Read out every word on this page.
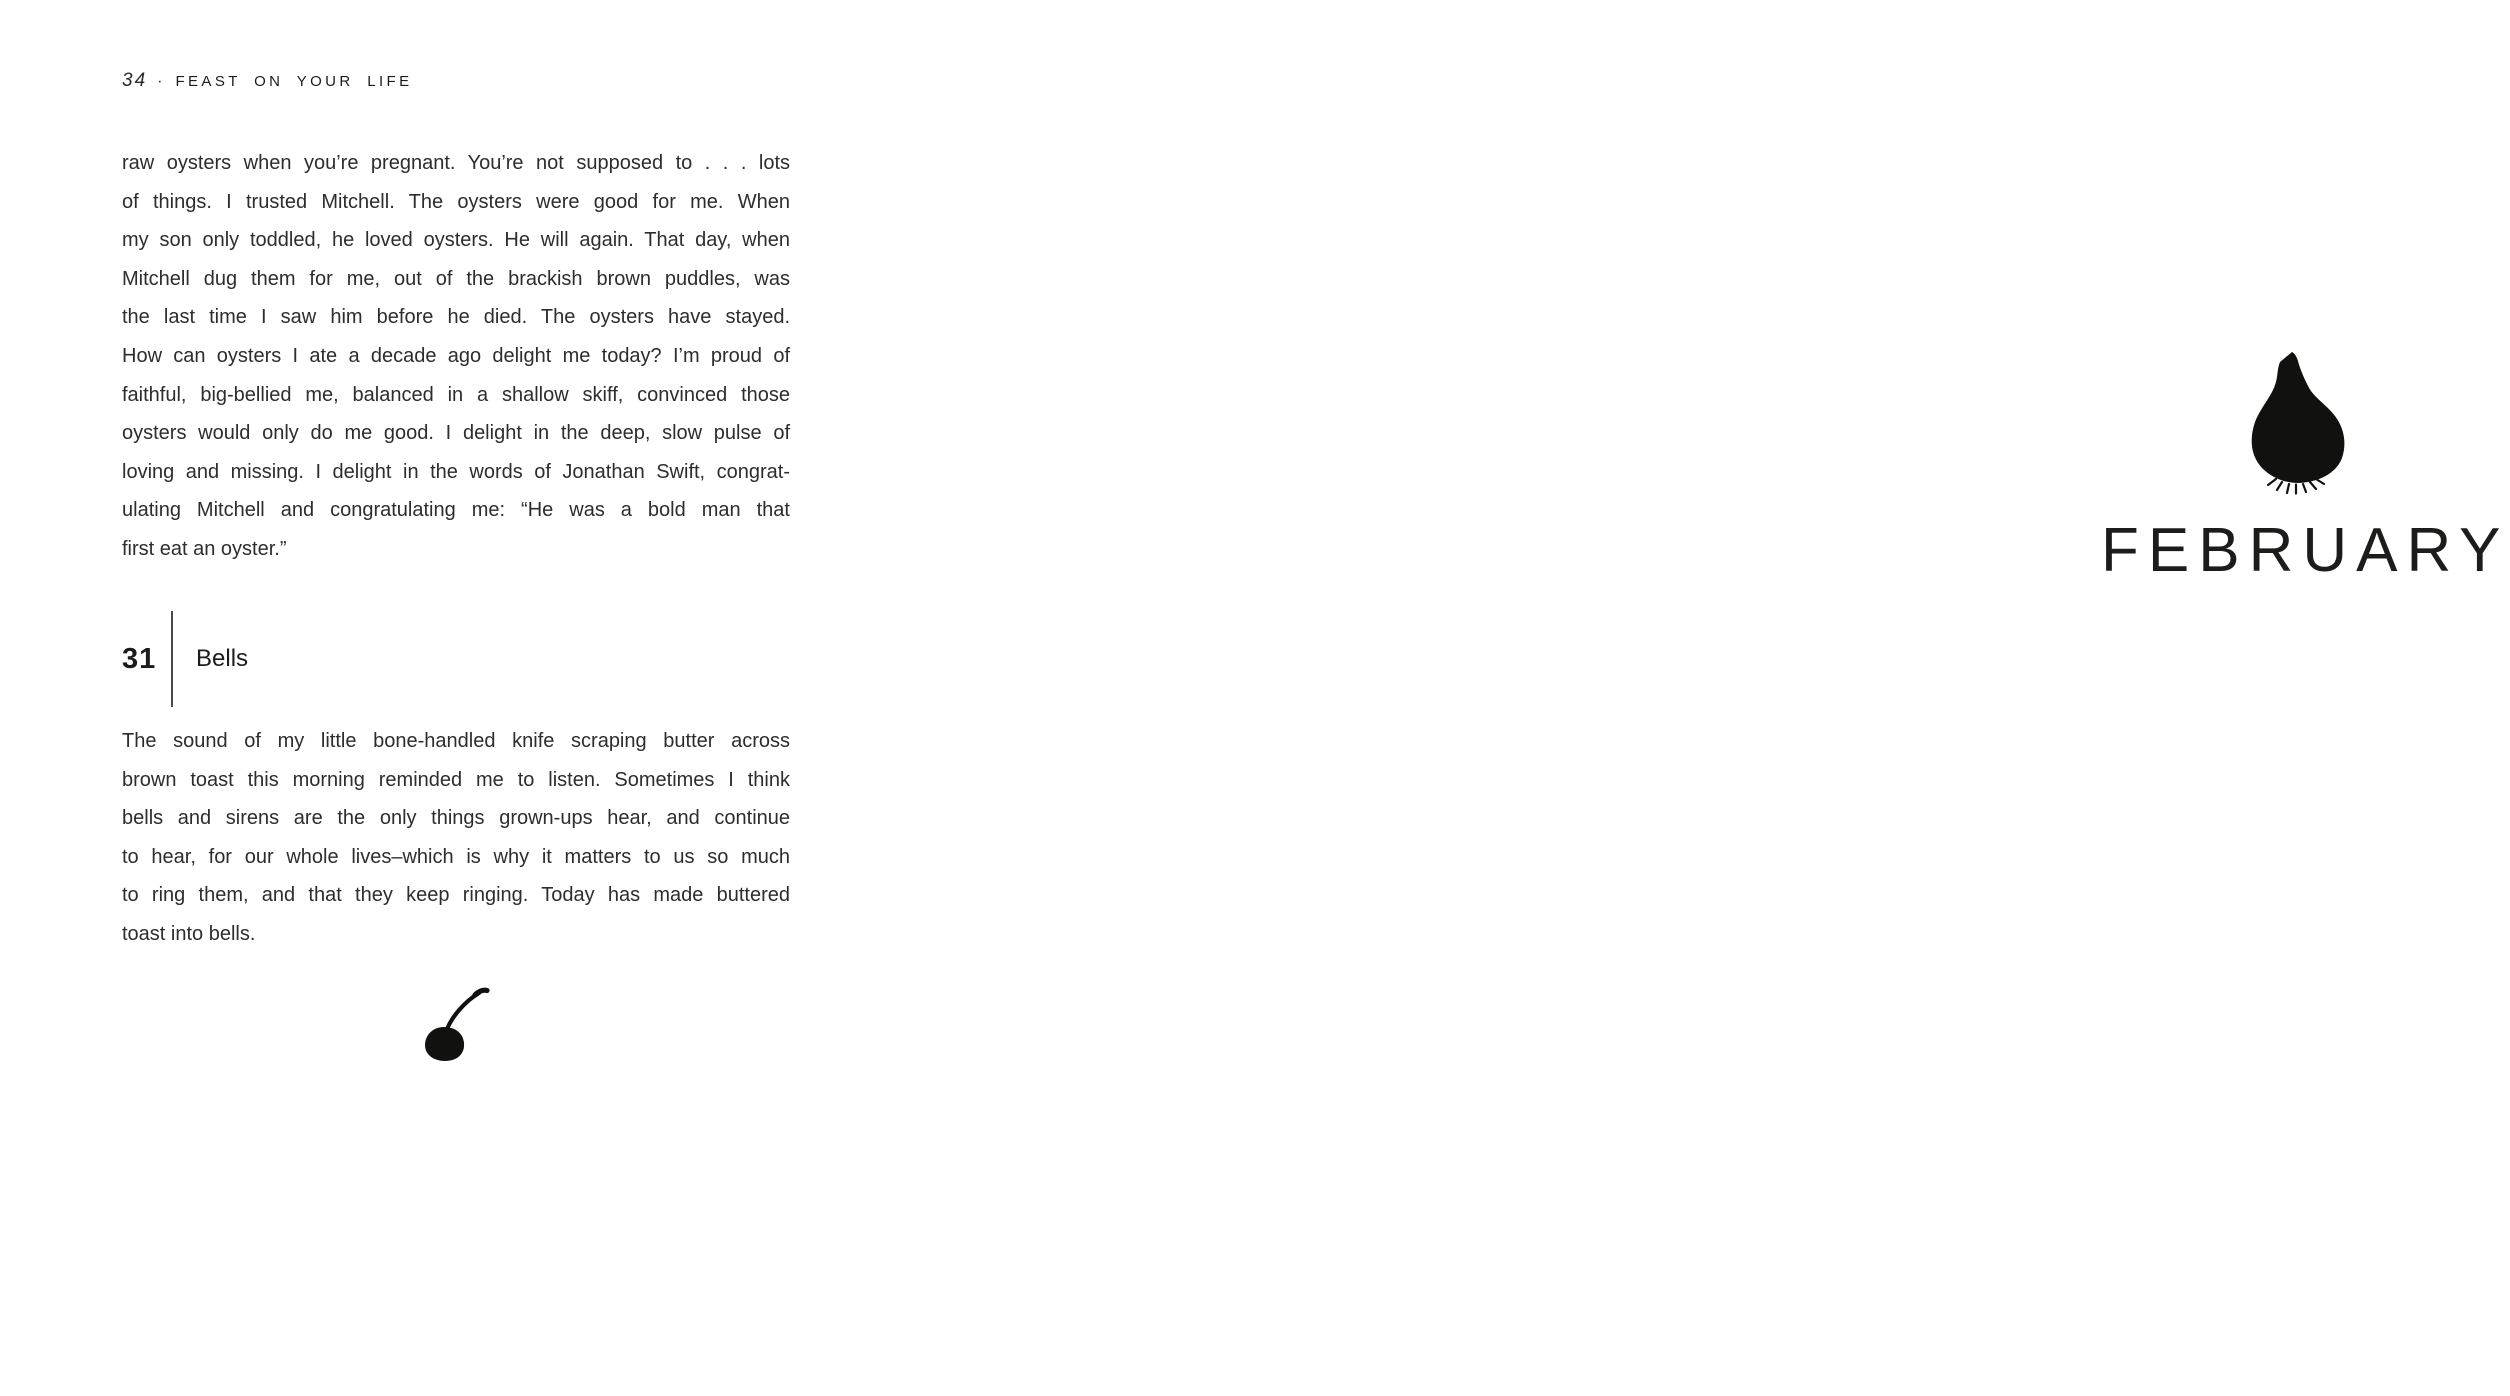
34 · FEAST ON YOUR LIFE
raw oysters when you’re pregnant. You’re not supposed to . . . lots
of things. I trusted Mitchell. The oysters were good for me. When
my son only toddled, he loved oysters. He will again. That day, when
Mitchell dug them for me, out of the brackish brown puddles, was
the last time I saw him before he died. The oysters have stayed.
How can oysters I ate a decade ago delight me today? I’m proud of
faithful, big-bellied me, balanced in a shallow skiff, convinced those
oysters would only do me good. I delight in the deep, slow pulse of
loving and missing. I delight in the words of Jonathan Swift, congrat-
ulating Mitchell and congratulating me: “He was a bold man that
first eat an oyster.”
31	Bells
The sound of my little bone-handled knife scraping butter across
brown toast this morning reminded me to listen. Sometimes I think
bells and sirens are the only things grown-ups hear, and continue
to hear, for our whole lives–which is why it matters to us so much
to ring them, and that they keep ringing. Today has made buttered
toast into bells.
FEBRUARY
